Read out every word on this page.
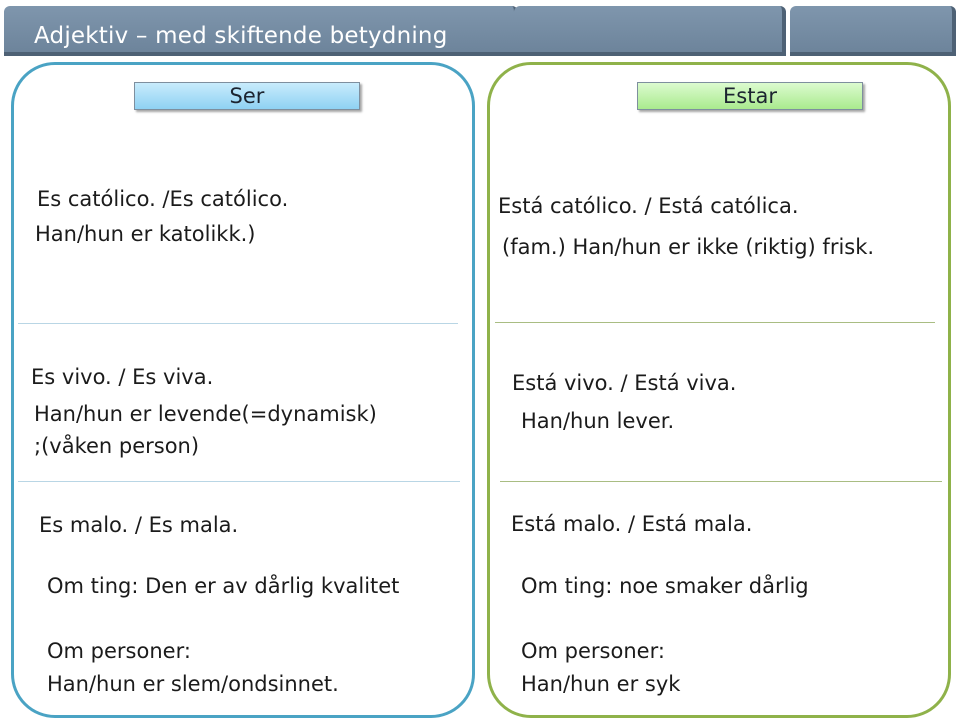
Adjektiv – med skiftende betydning
Ser
Es católico. /Es católico.
Han/hun er katolikk.)
Es vivo. / Es viva.
Han/hun er levende(=dynamisk)
;(våken person)
Es malo. / Es mala.
Om ting: Den er av dårlig kvalitet
Om personer:
Han/hun er slem/ondsinnet.
Estar
Está católico. / Está católica.
(fam.) Han/hun er ikke (riktig) frisk.
Está vivo. / Está viva.
Han/hun lever.
Está malo. / Está mala.
Om ting: noe smaker dårlig
Om personer:
Han/hun er syk
